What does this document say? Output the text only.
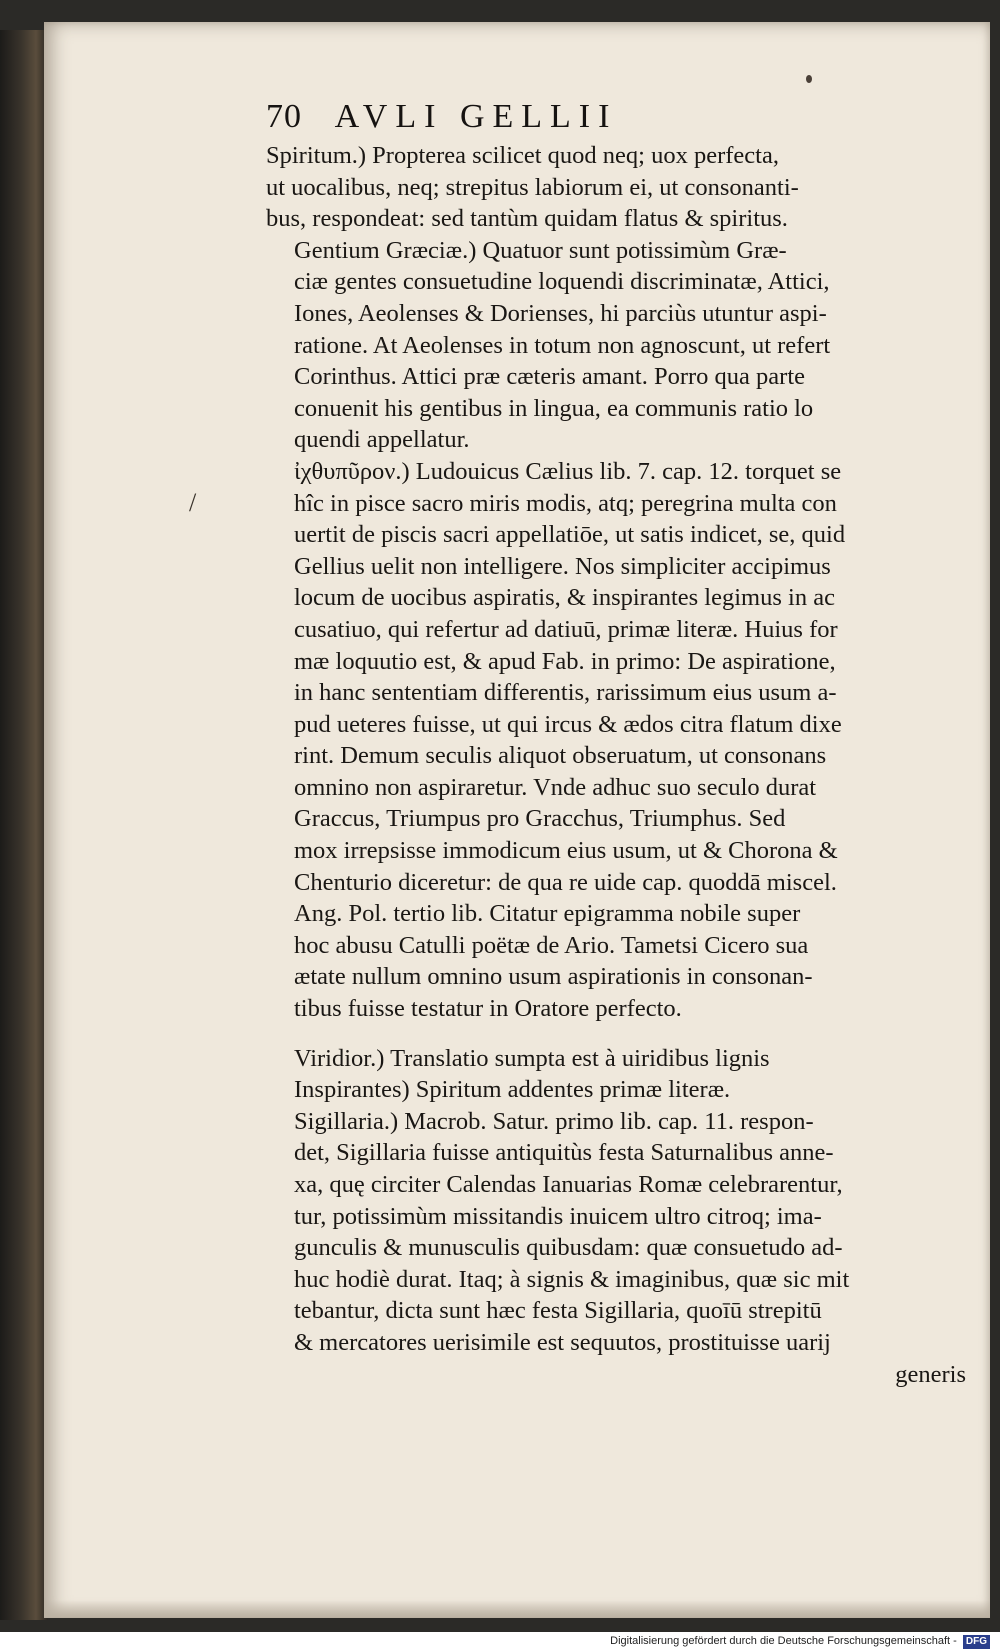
70 AVLI GELLII
/
Spiritum.) Propterea scilicet quod neq; uox perfecta,
ut uocalibus, neq; strepitus labiorum ei, ut consonanti-
bus, respondeat: sed tantùm quidam flatus & spiritus.
Gentium Græciæ.) Quatuor sunt potissimùm Græ-
ciæ gentes consuetudine loquendi discriminatæ, Attici,
Iones, Aeolenses & Dorienses, hi parciùs utuntur aspi-
ratione. At Aeolenses in totum non agnoscunt, ut refert
Corinthus. Attici præ cæteris amant. Porro qua parte
conuenit his gentibus in lingua, ea communis ratio lo
quendi appellatur.
ἰχθυπῦρον.) Ludouicus Cælius lib. 7. cap. 12. torquet se
hîc in pisce sacro miris modis, atq; peregrina multa con
uertit de piscis sacri appellatiōe, ut satis indicet, se, quid
Gellius uelit non intelligere. Nos simpliciter accipimus
locum de uocibus aspiratis, & inspirantes legimus in ac
cusatiuo, qui refertur ad datiuū, primæ literæ. Huius for
mæ loquutio est, & apud Fab. in primo: De aspiratione,
in hanc sententiam differentis, rarissimum eius usum a-
pud ueteres fuisse, ut qui ircus & ædos citra flatum dixe
rint. Demum seculis aliquot obseruatum, ut consonans
omnino non aspiraretur. Vnde adhuc suo seculo durat
Graccus, Triumpus pro Gracchus, Triumphus. Sed
mox irrepsisse immodicum eius usum, ut & Chorona &
Chenturio diceretur: de qua re uide cap. quoddā miscel.
Ang. Pol. tertio lib. Citatur epigramma nobile super
hoc abusu Catulli poëtæ de Ario. Tametsi Cicero sua
ætate nullum omnino usum aspirationis in consonan-
tibus fuisse testatur in Oratore perfecto.
Viridior.) Translatio sumpta est à uiridibus lignis
Inspirantes) Spiritum addentes primæ literæ.
Sigillaria.) Macrob. Satur. primo lib. cap. 11. respon-
det, Sigillaria fuisse antiquitùs festa Saturnalibus anne-
xa, quę circiter Calendas Ianuarias Romæ celebrarentur,
tur, potissimùm missitandis inuicem ultro citroq; ima-
gunculis & munusculis quibusdam: quæ consuetudo ad-
huc hodiè durat. Itaq; à signis & imaginibus, quæ sic mit
tebantur, dicta sunt hæc festa Sigillaria, quoīū strepitū
& mercatores uerisimile est sequutos, prostituisse uarij
generis
Digitalisierung gefördert durch die Deutsche Forschungsgemeinschaft - DFG
